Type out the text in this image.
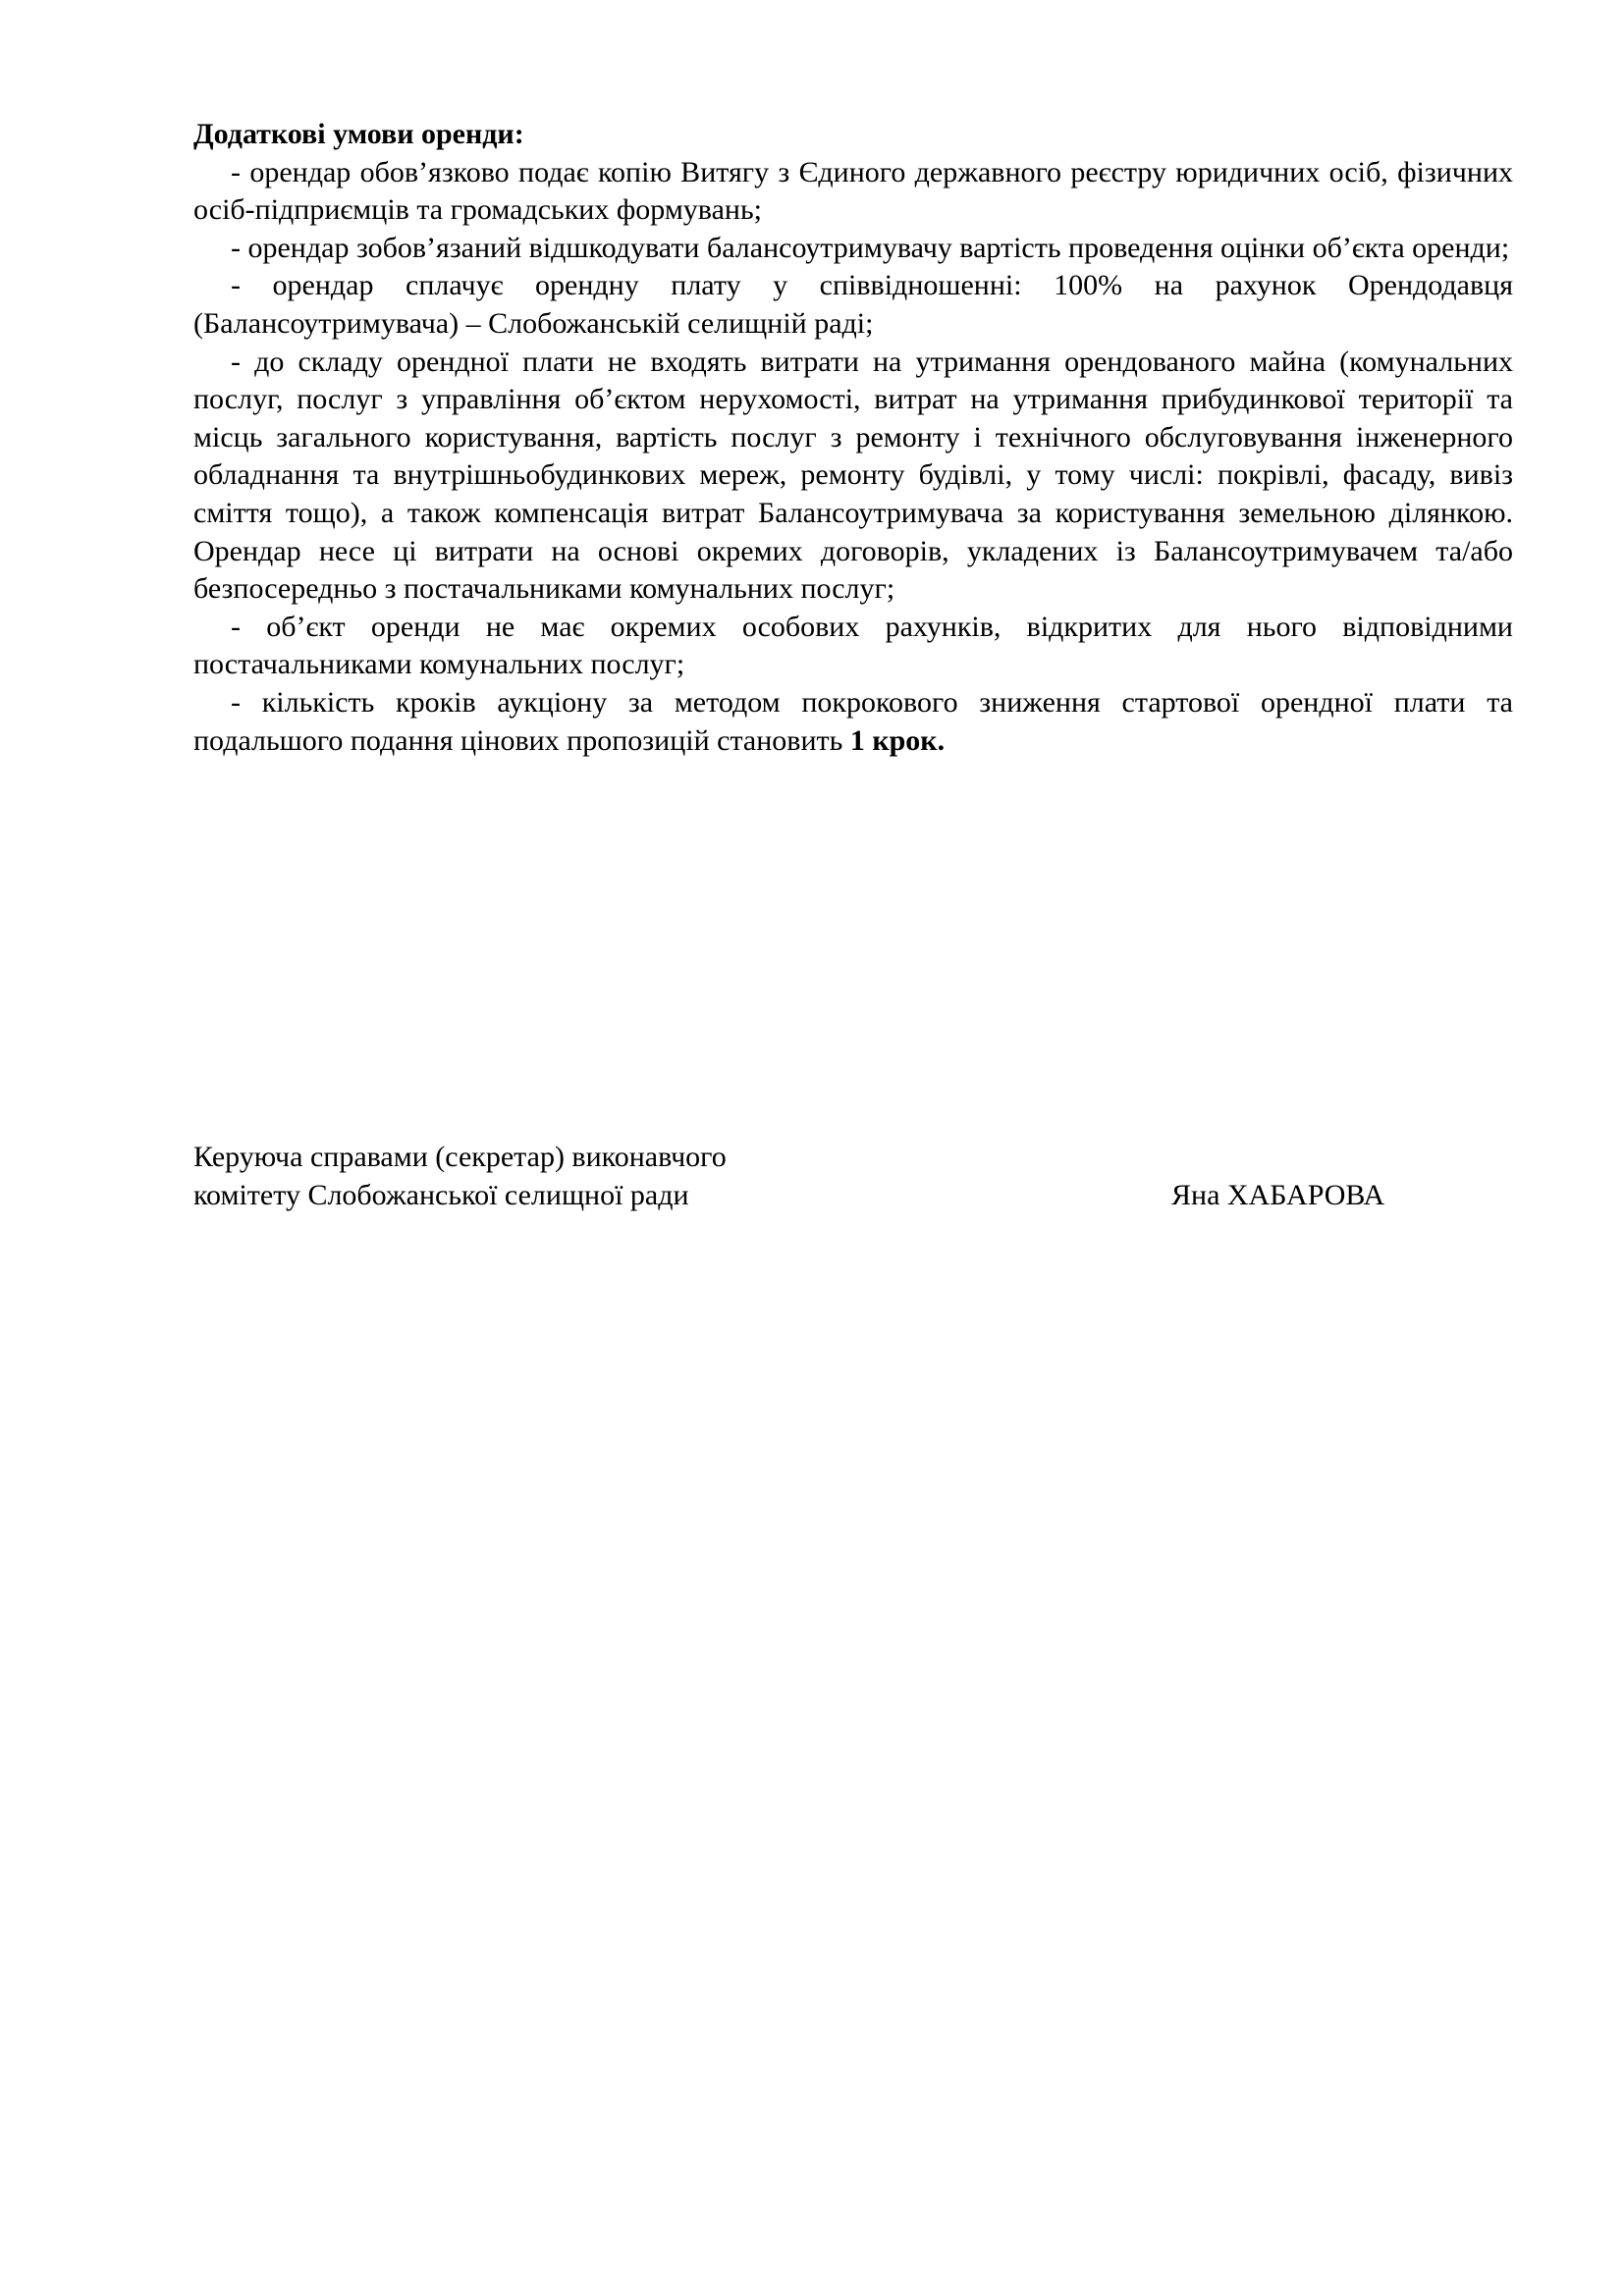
Додаткові умови оренди:

- орендар обов’язково подає копію Витягу з Єдиного державного реєстру юридичних осіб, фізичних осіб-підприємців та громадських формувань;

- орендар зобов’язаний відшкодувати балансоутримувачу вартість проведення оцінки об’єкта оренди;

- орендар сплачує орендну плату у співвідношенні: 100% на рахунок Орендодавця (Балансоутримувача) – Слобожанській селищній раді;

- до складу орендної плати не входять витрати на утримання орендованого майна (комунальних послуг, послуг з управління об’єктом нерухомості, витрат на утримання прибудинкової території та місць загального користування, вартість послуг з ремонту і технічного обслуговування інженерного обладнання та внутрішньобудинкових мереж, ремонту будівлі, у тому числі: покрівлі, фасаду, вивіз сміття тощо), а також компенсація витрат Балансоутримувача за користування земельною ділянкою. Орендар несе ці витрати на основі окремих договорів, укладених із Балансоутримувачем та/або безпосередньо з постачальниками комунальних послуг;

- об’єкт оренди не має окремих особових рахунків, відкритих для нього відповідними постачальниками комунальних послуг;

- кількість кроків аукціону за методом покрокового зниження стартової орендної плати та подальшого подання цінових пропозицій становить 1 крок.

Керуюча справами (секретар) виконавчого

комітету Слобожанської селищної ради	Яна ХАБАРОВА
